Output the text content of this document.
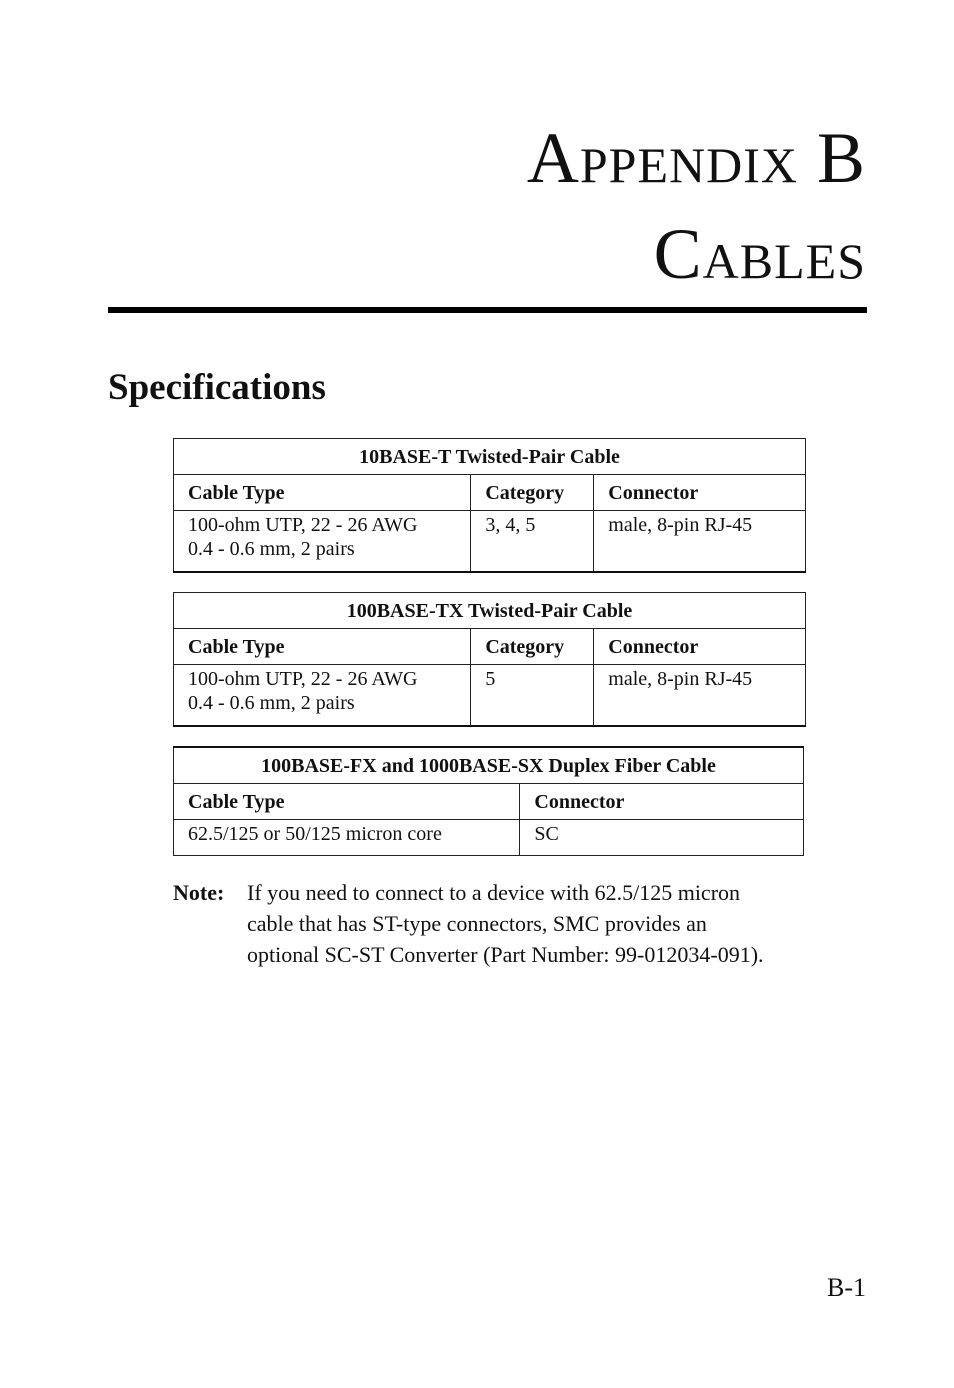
Appendix B
Cables
Specifications
10BASE-T Twisted-Pair Cable		
Cable Type	Category	Connector

100-ohm UTP, 22 - 26 AWG
0.4 - 0.6 mm, 2 pairs	3, 4, 5	male, 8-pin RJ-45
100BASE-TX Twisted-Pair Cable		
Cable Type	Category	Connector

100-ohm UTP, 22 - 26 AWG
0.4 - 0.6 mm, 2 pairs	5	male, 8-pin RJ-45
100BASE-FX and 1000BASE-SX Duplex Fiber Cable	
Cable Type	Connector

62.5/125 or 50/125 micron core	SC
Note: If you need to connect to a device with 62.5/125 micron
cable that has ST-type connectors, SMC provides an
optional SC-ST Converter (Part Number: 99-012034-091).
B-1
